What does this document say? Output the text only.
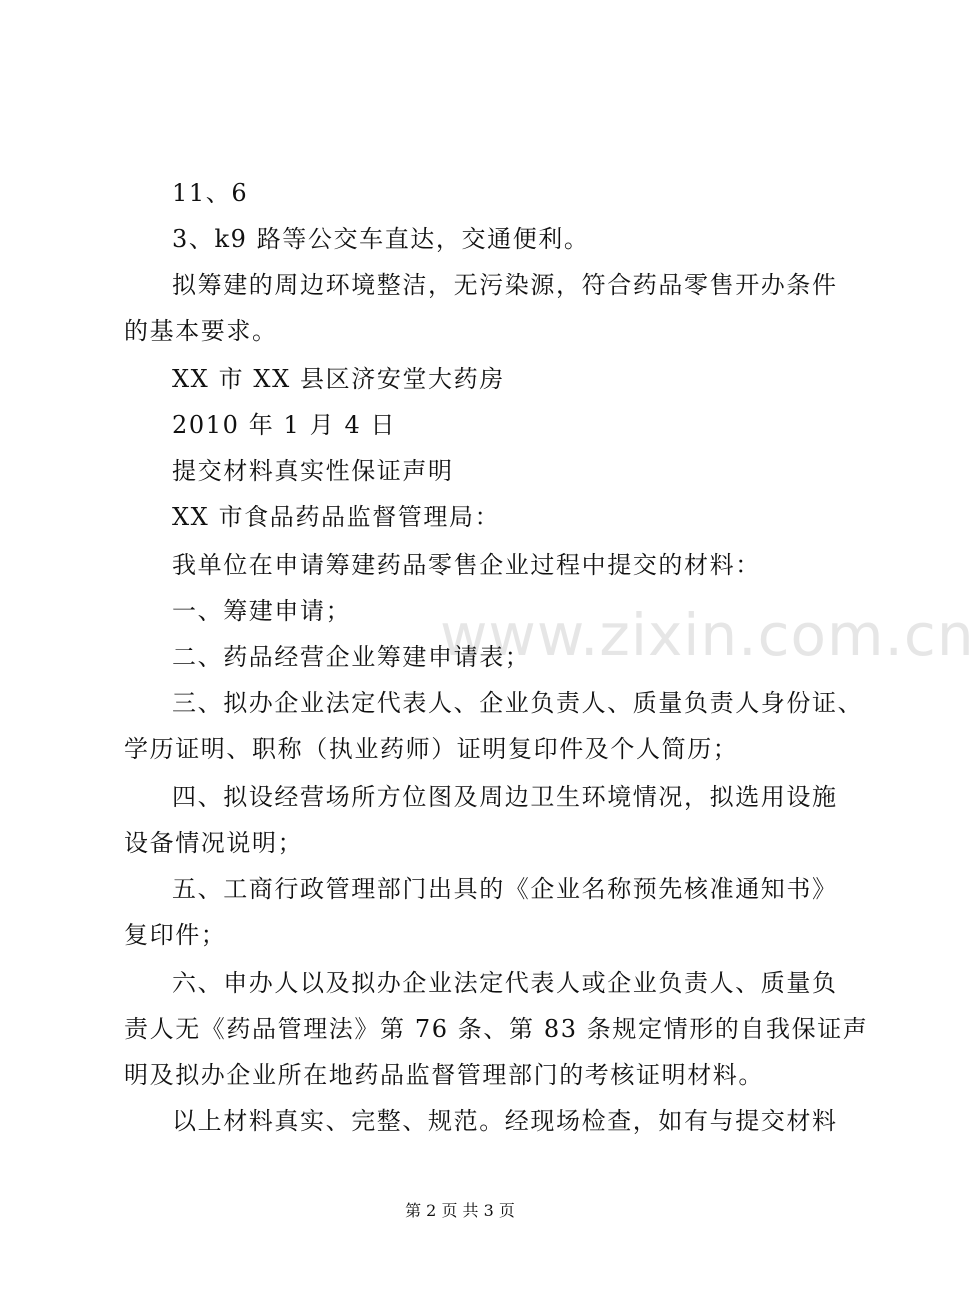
www.zixin.com.cn
11、6
3、k9 路等公交车直达，交通便利。
拟筹建的周边环境整洁，无污染源，符合药品零售开办条件
的基本要求。
XX 市 XX 县区济安堂大药房
2010 年 1 月 4 日
提交材料真实性保证声明
XX 市食品药品监督管理局：
我单位在申请筹建药品零售企业过程中提交的材料：
一、筹建申请；
二、药品经营企业筹建申请表；
三、拟办企业法定代表人、企业负责人、质量负责人身份证、
学历证明、职称（执业药师）证明复印件及个人简历；
四、拟设经营场所方位图及周边卫生环境情况，拟选用设施
设备情况说明；
五、工商行政管理部门出具的《企业名称预先核准通知书》
复印件；
六、申办人以及拟办企业法定代表人或企业负责人、质量负
责人无《药品管理法》第 76 条、第 83 条规定情形的自我保证声
明及拟办企业所在地药品监督管理部门的考核证明材料。
以上材料真实、完整、规范。经现场检查，如有与提交材料
第 2 页 共 3 页
